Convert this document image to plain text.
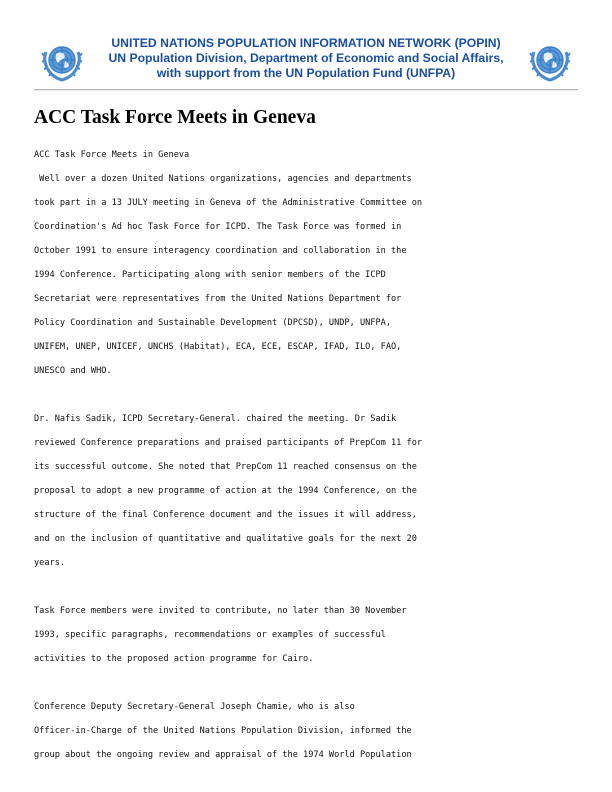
UNITED NATIONS POPULATION INFORMATION NETWORK (POPIN)
UN Population Division, Department of Economic and Social Affairs,
with support from the UN Population Fund (UNFPA)
ACC Task Force Meets in Geneva
ACC Task Force Meets in Geneva
Well over a dozen United Nations organizations, agencies and departments
took part in a 13 JULY meeting in Geneva of the Administrative Committee on
Coordination's Ad hoc Task Force for ICPD. The Task Force was formed in
October 1991 to ensure interagency coordination and collaboration in the
1994 Conference. Participating along with senior members of the ICPD
Secretariat were representatives from the United Nations Department for
Policy Coordination and Sustainable Development (DPCSD), UNDP, UNFPA,
UNIFEM, UNEP, UNICEF, UNCHS (Habitat), ECA, ECE, ESCAP, IFAD, ILO, FAO,
UNESCO and WHO.
Dr. Nafis Sadik, ICPD Secretary-General. chaired the meeting. Dr Sadik
reviewed Conference preparations and praised participants of PrepCom 11 for
its successful outcome. She noted that PrepCom 11 reached consensus on the
proposal to adopt a new programme of action at the 1994 Conference, on the
structure of the final Conference document and the issues it will address,
and on the inclusion of quantitative and qualitative goals for the next 20
years.
Task Force members were invited to contribute, no later than 30 November
1993, specific paragraphs, recommendations or examples of successful
activities to the proposed action programme for Cairo.
Conference Deputy Secretary-General Joseph Chamie, who is also
Officer-in-Charge of the United Nations Population Division, informed the
group about the ongoing review and appraisal of the 1974 World Population
